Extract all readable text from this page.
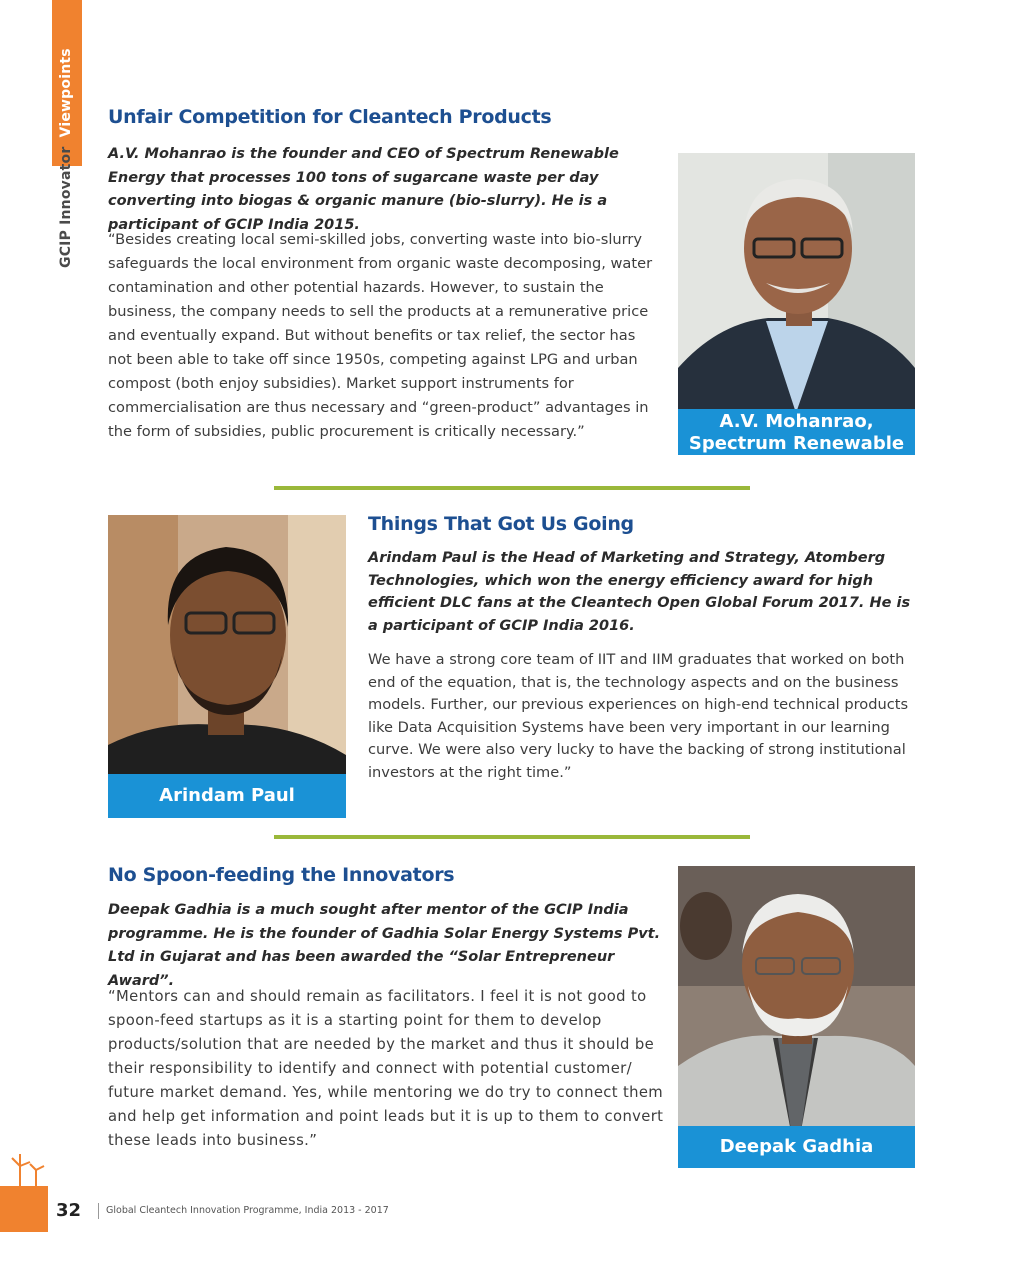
GCIP Innovator Viewpoints	Unfair Competition for Cleantech Products
A.V. Mohanrao is the founder and CEO of Spectrum Renewable Energy that processes 100 tons of sugarcane waste per day converting into biogas & organic manure (bio-slurry). He is a participant of GCIP India 2015.
“Besides creating local semi-skilled jobs, converting waste into bio-slurry safeguards the local environment from organic waste decomposing, water contamination and other potential hazards. However, to sustain the business, the company needs to sell the products at a remunerative price and eventually expand. But without benefits or tax relief, the sector has not been able to take off since 1950s, competing against LPG and urban compost (both enjoy subsidies). Market support instruments for commercialisation are thus necessary and “green-product” advantages in the form of subsidies, public procurement is critically necessary.”	A.V. Mohanrao, Spectrum Renewable Energy
Arindam Paul
Things That Got Us Going
Arindam Paul is the Head of Marketing and Strategy, Atomberg Technologies, which won the energy efficiency award for high efficient DLC fans at the Cleantech Open Global Forum 2017. He is a participant of GCIP India 2016.
We have a strong core team of IIT and IIM graduates that worked on both end of the equation, that is, the technology aspects and on the business models. Further, our previous experiences on high-end technical products like Data Acquisition Systems have been very important in our learning curve. We were also very lucky to have the backing of strong institutional investors at the right time.”
No Spoon-feeding the Innovators
Deepak Gadhia is a much sought after mentor of the GCIP India programme. He is the founder of Gadhia Solar Energy Systems Pvt. Ltd in Gujarat and has been awarded the “Solar Entrepreneur Award”.
“Mentors can and should remain as facilitators. I feel it is not good to spoon-feed startups as it is a starting point for them to develop products/solution that are needed by the market and thus it should be their responsibility to identify and connect with potential customer/ future market demand. Yes, while mentoring we do try to connect them and help get information and point leads but it is up to them to convert these leads into business.”	Deepak Gadhia
32	Global Cleantech Innovation Programme, India 2013 - 2017
